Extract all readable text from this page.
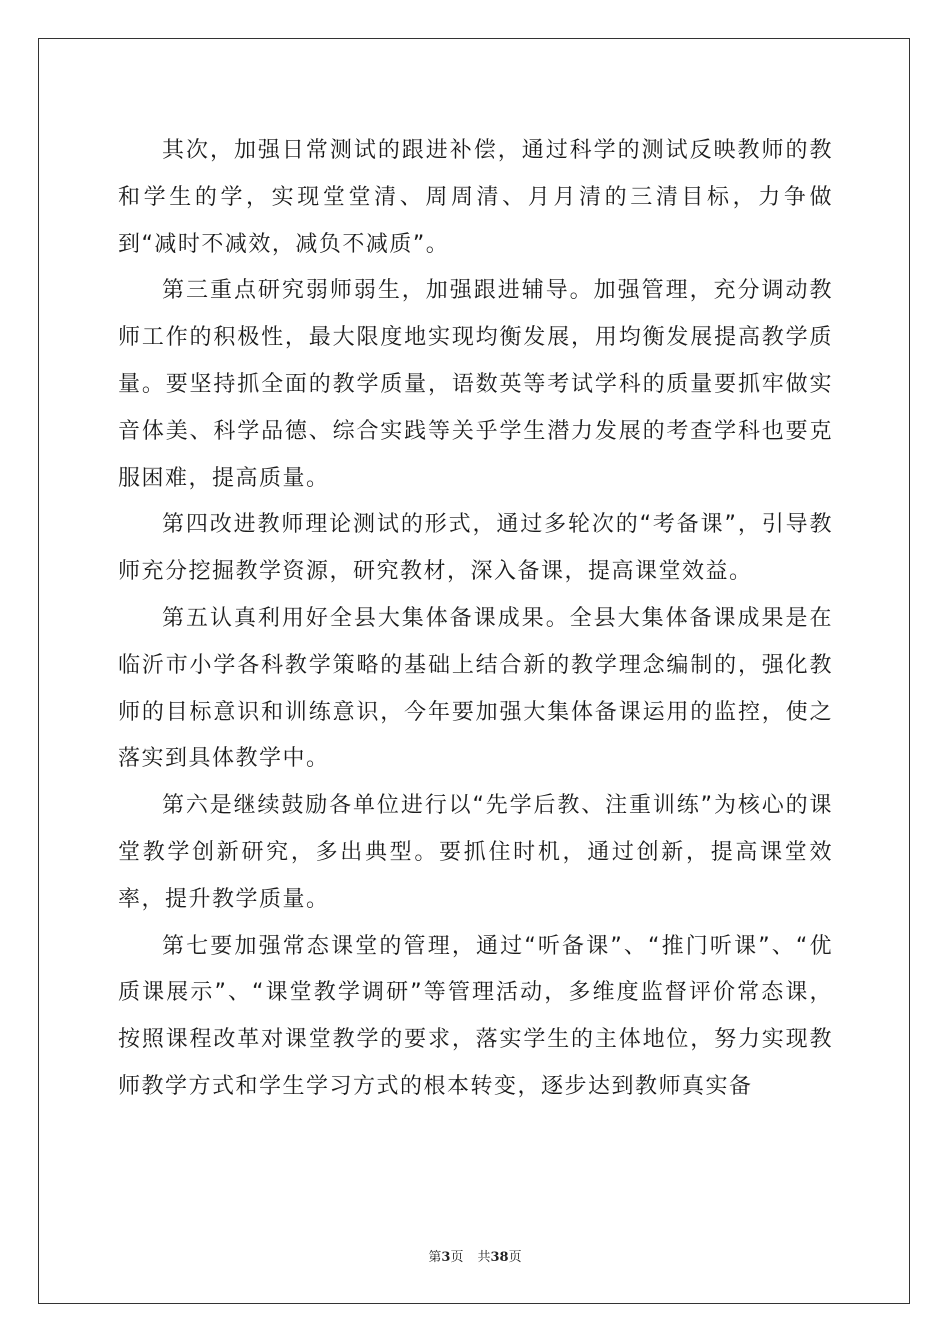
其次，加强日常测试的跟进补偿，通过科学的测试反映教师的教和学生的学，实现堂堂清、周周清、月月清的三清目标，力争做到“减时不减效，减负不减质”。

第三重点研究弱师弱生，加强跟进辅导。加强管理，充分调动教师工作的积极性，最大限度地实现均衡发展，用均衡发展提高教学质量。要坚持抓全面的教学质量，语数英等考试学科的质量要抓牢做实音体美、科学品德、综合实践等关乎学生潜力发展的考查学科也要克服困难，提高质量。

第四改进教师理论测试的形式，通过多轮次的“考备课”，引导教师充分挖掘教学资源，研究教材，深入备课，提高课堂效益。

第五认真利用好全县大集体备课成果。全县大集体备课成果是在临沂市小学各科教学策略的基础上结合新的教学理念编制的，强化教师的目标意识和训练意识，今年要加强大集体备课运用的监控，使之落实到具体教学中。

第六是继续鼓励各单位进行以“先学后教、注重训练”为核心的课堂教学创新研究，多出典型。要抓住时机，通过创新，提高课堂效率，提升教学质量。

第七要加强常态课堂的管理，通过“听备课”、“推门听课”、“优质课展示”、“课堂教学调研”等管理活动，多维度监督评价常态课，按照课程改革对课堂教学的要求，落实学生的主体地位，努力实现教师教学方式和学生学习方式的根本转变，逐步达到教师真实备

第3页 共38页
